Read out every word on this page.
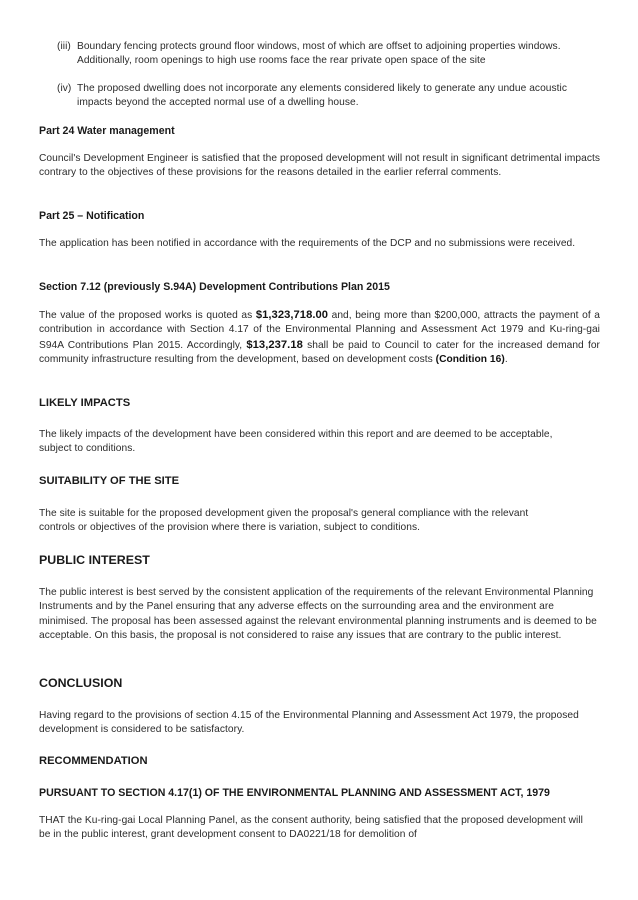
(iii) Boundary fencing protects ground floor windows, most of which are offset to adjoining properties windows. Additionally, room openings to high use rooms face the rear private open space of the site
(iv) The proposed dwelling does not incorporate any elements considered likely to generate any undue acoustic impacts beyond the accepted normal use of a dwelling house.
Part 24 Water management

Council's Development Engineer is satisfied that the proposed development will not result in significant detrimental impacts contrary to the objectives of these provisions for the reasons detailed in the earlier referral comments.

Part 25 – Notification

The application has been notified in accordance with the requirements of the DCP and no submissions were received.

Section 7.12 (previously S.94A) Development Contributions Plan 2015

The value of the proposed works is quoted as $1,323,718.00 and, being more than $200,000, attracts the payment of a contribution in accordance with Section 4.17 of the Environmental Planning and Assessment Act 1979 and Ku-ring-gai S94A Contributions Plan 2015. Accordingly, $13,237.18 shall be paid to Council to cater for the increased demand for community infrastructure resulting from the development, based on development costs (Condition 16).

LIKELY IMPACTS

The likely impacts of the development have been considered within this report and are deemed to be acceptable, subject to conditions.

SUITABILITY OF THE SITE

The site is suitable for the proposed development given the proposal's general compliance with the relevant controls or objectives of the provision where there is variation, subject to conditions.

PUBLIC INTEREST

The public interest is best served by the consistent application of the requirements of the relevant Environmental Planning Instruments and by the Panel ensuring that any adverse effects on the surrounding area and the environment are minimised. The proposal has been assessed against the relevant environmental planning instruments and is deemed to be acceptable. On this basis, the proposal is not considered to raise any issues that are contrary to the public interest.

CONCLUSION

Having regard to the provisions of section 4.15 of the Environmental Planning and Assessment Act 1979, the proposed development is considered to be satisfactory.

RECOMMENDATION
PURSUANT TO SECTION 4.17(1) OF THE ENVIRONMENTAL PLANNING AND ASSESSMENT ACT, 1979

THAT the Ku-ring-gai Local Planning Panel, as the consent authority, being satisfied that the proposed development will be in the public interest, grant development consent to DA0221/18 for demolition of
